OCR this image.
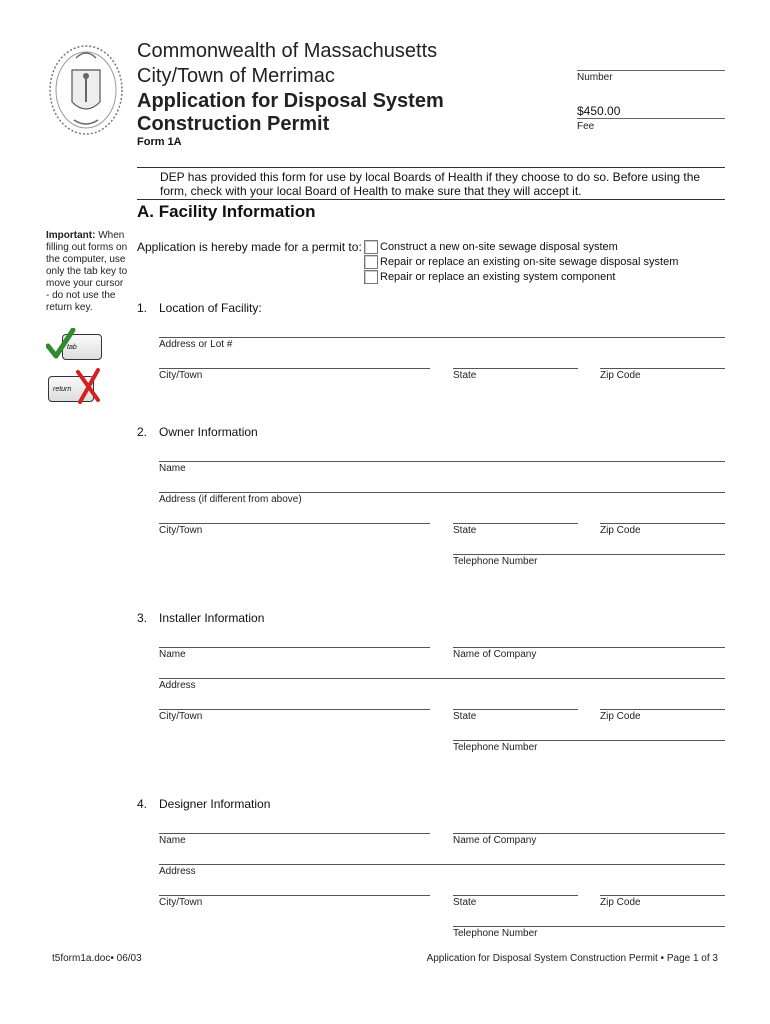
Commonwealth of Massachusetts
City/Town of Merrimac
Application for Disposal System
Construction Permit
Form 1A
Number
$450.00
Fee
DEP has provided this form for use by local Boards of Health if they choose to do so. Before using the form, check with your local Board of Health to make sure that they will accept it.
A. Facility Information
Important: When filling out forms on the computer, use only the tab key to move your cursor - do not use the return key.
tab
return
Application is hereby made for a permit to: Construct a new on-site sewage disposal system
Repair or replace an existing on-site sewage disposal system
Repair or replace an existing system component
1. Location of Facility:
Address or Lot #
City/Town	State	Zip Code
2. Owner Information
Name
Address (if different from above)
City/Town	State	Zip Code
Telephone Number
3. Installer Information
Name	Name of Company
Address
City/Town	State	Zip Code
Telephone Number
4. Designer Information
Name	Name of Company
Address
City/Town	State	Zip Code
Telephone Number
t5form1a.doc• 06/03	Application for Disposal System Construction Permit • Page 1 of 3
